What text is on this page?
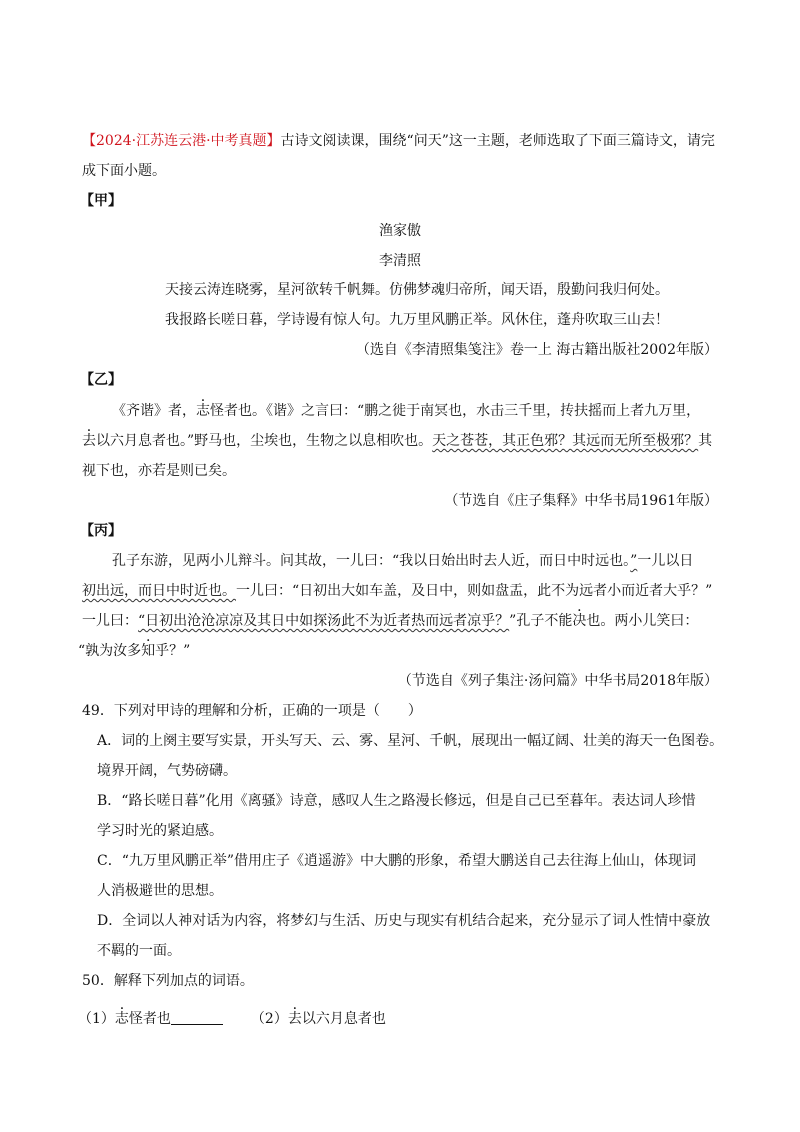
【2024·江苏连云港·中考真题】古诗文阅读课，围绕“问天”这一主题，老师选取了下面三篇诗文，请完
成下面小题。
【甲】
渔家傲
李清照
天接云涛连晓雾，星河欲转千帆舞。仿佛梦魂归帝所，闻天语，殷勤问我归何处。
我报路长嗟日暮，学诗谩有惊人句。九万里风鹏正举。风休住，蓬舟吹取三山去！
（选自《李清照集笺注》卷一上 海古籍出版社2002年版）
【乙】
《齐谐》者，志怪者也。《谐》之言曰：“鹏之徙于南冥也，水击三千里，抟扶摇而上者九万里，
去以六月息者也。”野马也，尘埃也，生物之以息相吹也。天之苍苍，其正色邪？其远而无所至极邪？其
视下也，亦若是则已矣。
（节选自《庄子集释》中华书局1961年版）
【丙】
孔子东游，见两小儿辩斗。问其故，一儿曰：“我以日始出时去人近，而日中时远也。”一儿以日
初出远，而日中时近也。一儿曰：“日初出大如车盖，及日中，则如盘盂，此不为远者小而近者大乎？”
一儿曰：“日初出沧沧凉凉及其日中如探汤此不为近者热而远者凉乎？”孔子不能决也。两小儿笑曰：
“孰为汝多知乎？”
（节选自《列子集注·汤问篇》中华书局2018年版）
49．下列对甲诗的理解和分析，正确的一项是（　　）
A．词的上阕主要写实景，开头写天、云、雾、星河、千帆，展现出一幅辽阔、壮美的海天一色图卷。
境界开阔，气势磅礴。
B．“路长嗟日暮”化用《离骚》诗意，感叹人生之路漫长修远，但是自己已至暮年。表达词人珍惜
学习时光的紧迫感。
C．“九万里风鹏正举”借用庄子《逍遥游》中大鹏的形象，希望大鹏送自己去往海上仙山，体现词
人消极避世的思想。
D．全词以人神对话为内容，将梦幻与生活、历史与现实有机结合起来，充分显示了词人性情中豪放
不羁的一面。
50．解释下列加点的词语。
（1）志怪者也	（2）去以六月息者也
